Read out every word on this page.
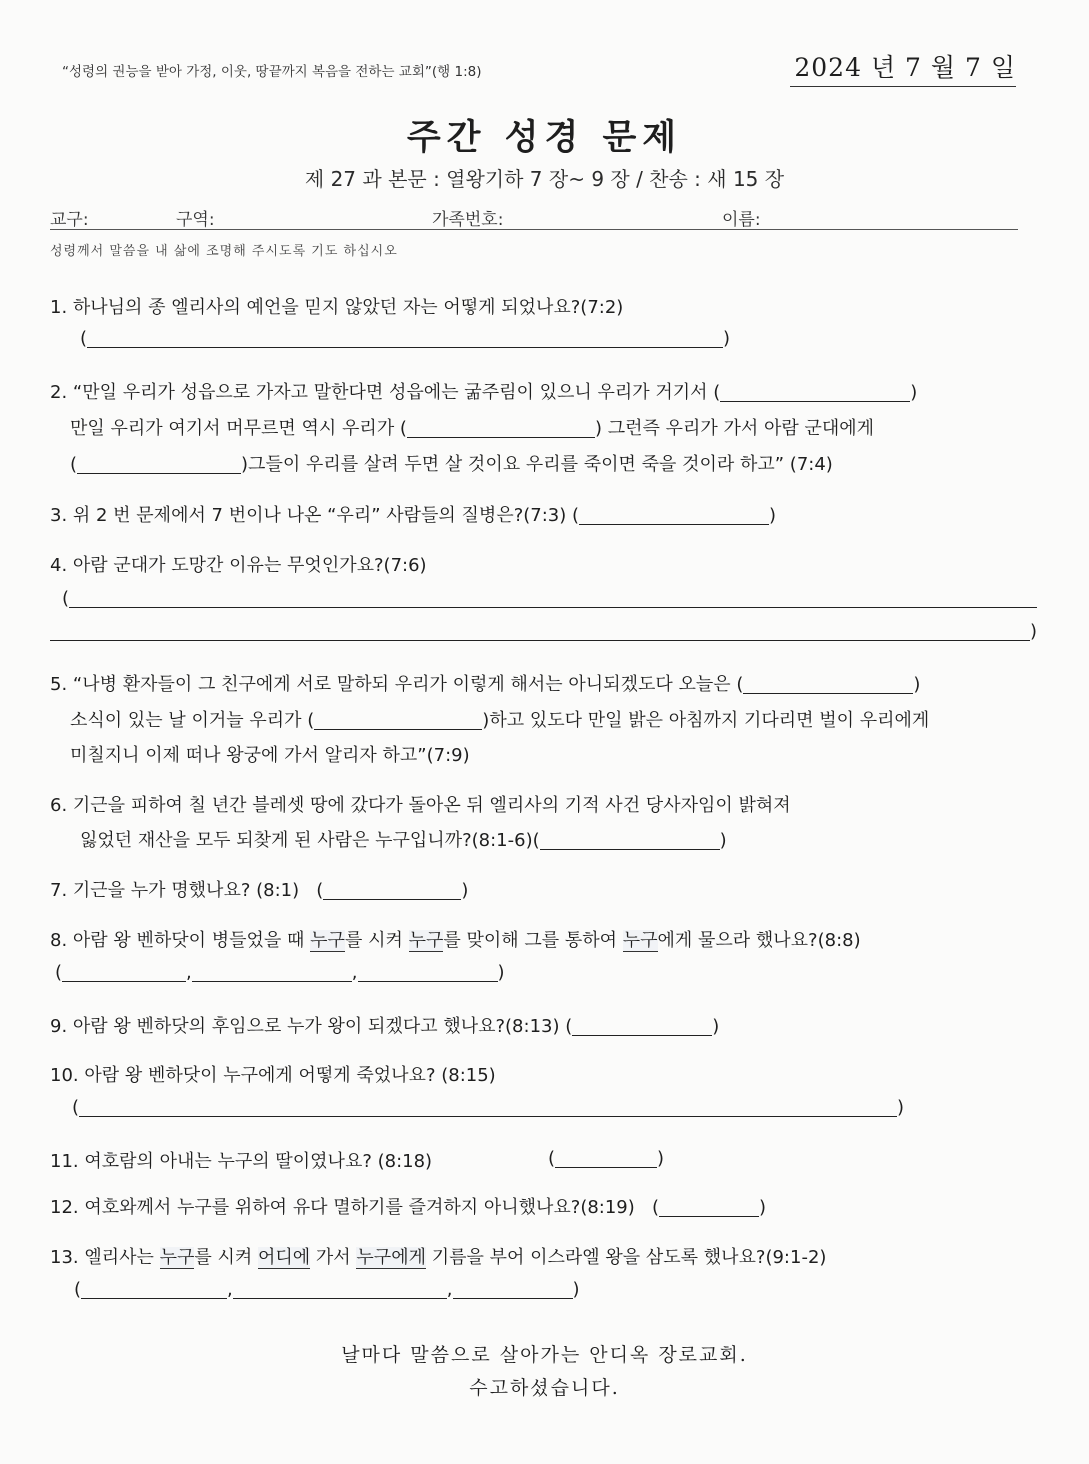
“성령의 권능을 받아 가정, 이웃, 땅끝까지 복음을 전하는 교회”(행 1:8)	2024 년 7 월 7 일
주간 성경 문제
제 27 과 본문 : 열왕기하 7 장~ 9 장 / 찬송 : 새 15 장
교구:	구역:	가족번호:	이름:
성령께서 말씀을 내 삶에 조명해 주시도록 기도 하십시오
1. 하나님의 종 엘리사의 예언을 믿지 않았던 자는 어떻게 되었나요?(7:2)
(	)
2. “만일 우리가 성읍으로 가자고 말한다면 성읍에는 굶주림이 있으니 우리가 거기서 (	)
만일 우리가 여기서 머무르면 역시 우리가 (	) 그런즉 우리가 가서 아람 군대에게
(	)그들이 우리를 살려 두면 살 것이요 우리를 죽이면 죽을 것이라 하고” (7:4)
3. 위 2 번 문제에서 7 번이나 나온 “우리” 사람들의 질병은?(7:3) (	)
4. 아람 군대가 도망간 이유는 무엇인가요?(7:6)
(
)
5. “나병 환자들이 그 친구에게 서로 말하되 우리가 이렇게 해서는 아니되겠도다 오늘은 (	)
소식이 있는 날 이거늘 우리가 (	)하고 있도다 만일 밝은 아침까지 기다리면 벌이 우리에게
미칠지니 이제 떠나 왕궁에 가서 알리자 하고”(7:9)
6. 기근을 피하여 칠 년간 블레셋 땅에 갔다가 돌아온 뒤 엘리사의 기적 사건 당사자임이 밝혀져
잃었던 재산을 모두 되찾게 된 사람은 누구입니까?(8:1-6)(	)
7. 기근을 누가 명했나요? (8:1) (	)
8. 아람 왕 벤하닷이 병들었을 때 누구를 시켜 누구를 맞이해 그를 통하여 누구에게 물으라 했나요?(8:8)
(	,	,	)
9. 아람 왕 벤하닷의 후임으로 누가 왕이 되겠다고 했나요?(8:13) (	)
10. 아람 왕 벤하닷이 누구에게 어떻게 죽었나요? (8:15)
(	)
11. 여호람의 아내는 누구의 딸이였나요? (8:18)	(	)
12. 여호와께서 누구를 위하여 유다 멸하기를 즐겨하지 아니했나요?(8:19) (	)
13. 엘리사는 누구를 시켜 어디에 가서 누구에게 기름을 부어 이스라엘 왕을 삼도록 했나요?(9:1-2)
(	,	,	)
날마다 말씀으로 살아가는 안디옥 장로교회.
수고하셨습니다.
